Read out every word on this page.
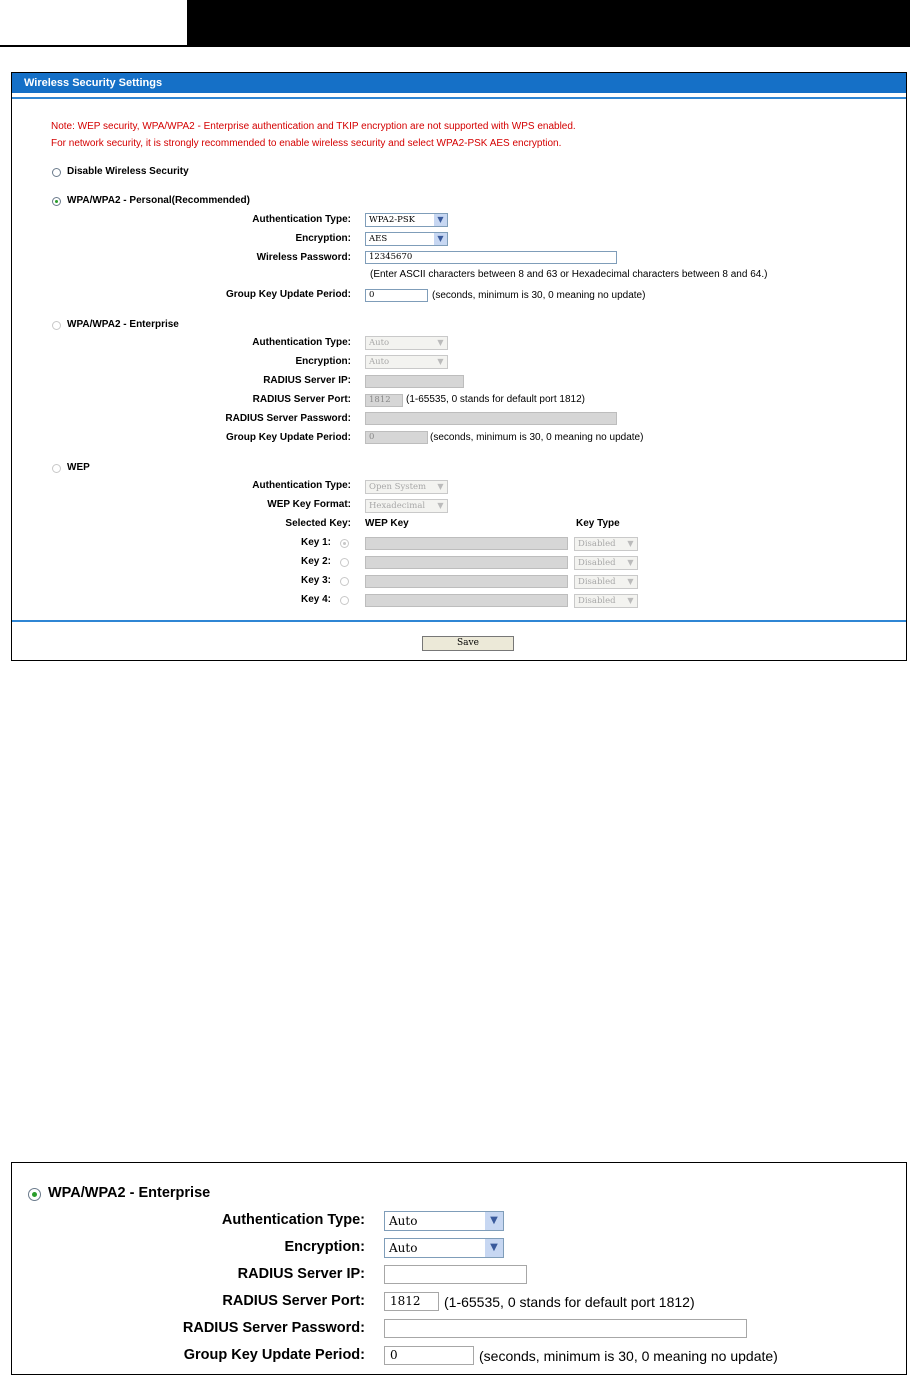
Wireless Security Settings
Note: WEP security, WPA/WPA2 - Enterprise authentication and TKIP encryption are not supported with WPS enabled.
For network security, it is strongly recommended to enable wireless security and select WPA2-PSK AES encryption.
Disable Wireless Security
WPA/WPA2 - Personal(Recommended)
Authentication Type:	WPA2-PSK	▼
Encryption:	AES	▼
Wireless Password:	12345670
(Enter ASCII characters between 8 and 63 or Hexadecimal characters between 8 and 64.)
Group Key Update Period:	0	(seconds, minimum is 30, 0 meaning no update)
WPA/WPA2 - Enterprise
Authentication Type:	Auto	▼
Encryption:	Auto	▼
RADIUS Server IP:
RADIUS Server Port:	1812	(1-65535, 0 stands for default port 1812)
RADIUS Server Password:
Group Key Update Period:	0	(seconds, minimum is 30, 0 meaning no update)
WEP
Authentication Type:	Open System	▼
WEP Key Format:	Hexadecimal	▼
Selected Key: WEP Key	Key Type
Key 1:	Disabled	▼
Key 2:	Disabled	▼
Key 3:	Disabled	▼
Key 4:	Disabled	▼
Save
WPA/WPA2 - Enterprise
Authentication Type:	Auto	▼
Encryption:	Auto	▼
RADIUS Server IP:
RADIUS Server Port:	1812	(1-65535, 0 stands for default port 1812)
RADIUS Server Password:
Group Key Update Period:	0	(seconds, minimum is 30, 0 meaning no update)
